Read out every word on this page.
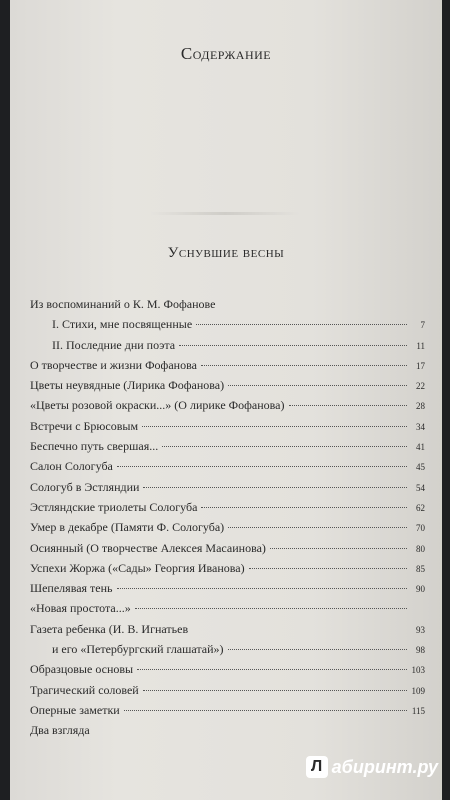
Содержание
Уснувшие весны
Из воспоминаний о К. М. Фофанове
I. Стихи, мне посвященные	7
II. Последние дни поэта	11
О творчестве и жизни Фофанова	17
Цветы неувядные (Лирика Фофанова)	22
«Цветы розовой окраски...» (О лирике Фофанова)	28
Встречи с Брюсовым	34
Беспечно путь свершая...	41
Салон Сологуба	45
Сологуб в Эстляндии	54
Эстляндские триолеты Сологуба	62
Умер в декабре (Памяти Ф. Сологуба)	70
Осиянный (О творчестве Алексея Масаинова)	80
Успехи Жоржа («Сады» Георгия Иванова)	85
Шепелявая тень	90
«Новая простота...»
Газета ребенка (И. В. Игнатьев	93
и его «Петербургский глашатай»)	98
Образцовые основы	103
Трагический соловей	109
Оперные заметки	115
Два взгляда
Л абиринт.ру
